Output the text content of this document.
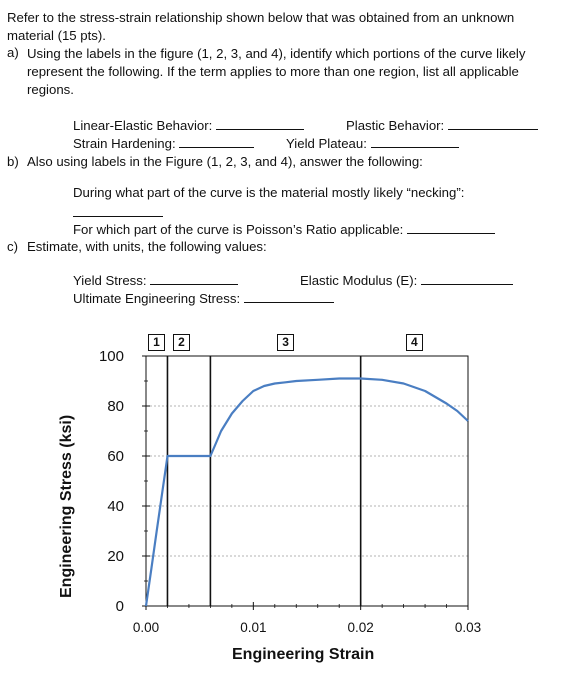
Refer to the stress-strain relationship shown below that was obtained from an unknown
material (15 pts).
a) Using the labels in the figure (1, 2, 3, and 4), identify which portions of the curve likely
represent the following. If the term applies to more than one region, list all applicable
regions.
Linear-Elastic Behavior:	Plastic Behavior:
Strain Hardening:	Yield Plateau:
b) Also using labels in the Figure (1, 2, 3, and 4), answer the following:
During what part of the curve is the material mostly likely “necking”:
For which part of the curve is Poisson’s Ratio applicable:
c) Estimate, with units, the following values:
Yield Stress:	Elastic Modulus (E):
Ultimate Engineering Stress:
0
20
40
60
80
100
0.00	0.01	0.02	0.03
1	2	3	4
Engineering Strain
Engineering Stress (ksi)
